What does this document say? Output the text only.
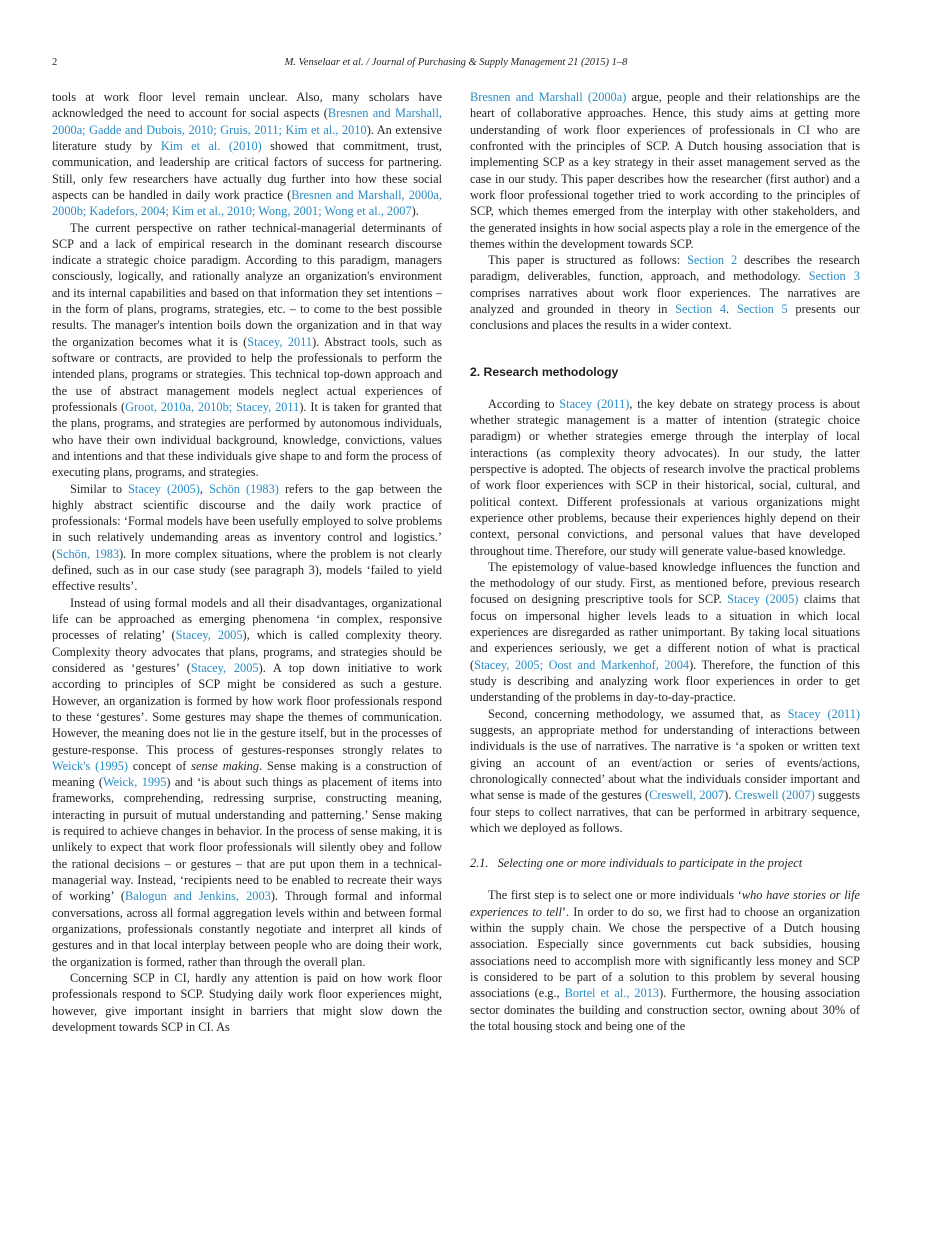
2	M. Venselaar et al. / Journal of Purchasing & Supply Management 21 (2015) 1–8

tools at work floor level remain unclear. Also, many scholars have acknowledged the need to account for social aspects (Bresnen and Marshall, 2000a; Gadde and Dubois, 2010; Gruis, 2011; Kim et al., 2010). An extensive literature study by Kim et al. (2010) showed that commitment, trust, communication, and leadership are critical factors of success for partnering. Still, only few researchers have actually dug further into how these social aspects can be handled in daily work practice (Bresnen and Marshall, 2000a, 2000b; Kadefors, 2004; Kim et al., 2010; Wong, 2001; Wong et al., 2007).

The current perspective on rather technical-managerial determinants of SCP and a lack of empirical research in the dominant research discourse indicate a strategic choice paradigm. According to this paradigm, managers consciously, logically, and rationally analyze an organization's environment and its internal capabilities and based on that information they set intentions – in the form of plans, programs, strategies, etc. – to come to the best possible results. The manager's intention boils down the organization and in that way the organization becomes what it is (Stacey, 2011). Abstract tools, such as software or contracts, are provided to help the professionals to perform the intended plans, programs or strategies. This technical top-down approach and the use of abstract management models neglect actual experiences of professionals (Groot, 2010a, 2010b; Stacey, 2011). It is taken for granted that the plans, programs, and strategies are performed by autonomous individuals, who have their own individual background, knowledge, convictions, values and intentions and that these individuals give shape to and form the process of executing plans, programs, and strategies.

Similar to Stacey (2005), Schön (1983) refers to the gap between the highly abstract scientific discourse and the daily work practice of professionals: ‘Formal models have been usefully employed to solve problems in such relatively undemanding areas as inventory control and logistics.’ (Schön, 1983). In more complex situations, where the problem is not clearly defined, such as in our case study (see paragraph 3), models ‘failed to yield effective results’.

Instead of using formal models and all their disadvantages, organizational life can be approached as emerging phenomena ‘in complex, responsive processes of relating’ (Stacey, 2005), which is called complexity theory. Complexity theory advocates that plans, programs, and strategies should be considered as ‘gestures’ (Stacey, 2005). A top down initiative to work according to principles of SCP might be considered as such a gesture. However, an organization is formed by how work floor professionals respond to these ‘gestures’. Some gestures may shape the themes of communication. However, the meaning does not lie in the gesture itself, but in the processes of gesture-response. This process of gestures-responses strongly relates to Weick's (1995) concept of sense making. Sense making is a construction of meaning (Weick, 1995) and ‘is about such things as placement of items into frameworks, comprehending, redressing surprise, constructing meaning, interacting in pursuit of mutual understanding and patterning.’ Sense making is required to achieve changes in behavior. In the process of sense making, it is unlikely to expect that work floor professionals will silently obey and follow the rational decisions – or gestures – that are put upon them in a technical-managerial way. Instead, ‘recipients need to be enabled to recreate their ways of working’ (Balogun and Jenkins, 2003). Through formal and informal conversations, across all formal aggregation levels within and between formal organizations, professionals constantly negotiate and interpret all kinds of gestures and in that local interplay between people who are doing their work, the organization is formed, rather than through the overall plan.

Concerning SCP in CI, hardly any attention is paid on how work floor professionals respond to SCP. Studying daily work floor experiences might, however, give important insight in barriers that might slow down the development towards SCP in CI. As

Bresnen and Marshall (2000a) argue, people and their relationships are the heart of collaborative approaches. Hence, this study aims at getting more understanding of work floor experiences of professionals in CI who are confronted with the principles of SCP. A Dutch housing association that is implementing SCP as a key strategy in their asset management served as the case in our study. This paper describes how the researcher (first author) and a work floor professional together tried to work according to the principles of SCP, which themes emerged from the interplay with other stakeholders, and the generated insights in how social aspects play a role in the emergence of the themes within the development towards SCP.

This paper is structured as follows: Section 2 describes the research paradigm, deliverables, function, approach, and methodology. Section 3 comprises narratives about work floor experiences. The narratives are analyzed and grounded in theory in Section 4. Section 5 presents our conclusions and places the results in a wider context.

2. Research methodology

According to Stacey (2011), the key debate on strategy process is about whether strategic management is a matter of intention (strategic choice paradigm) or whether strategies emerge through the interplay of local interactions (as complexity theory advocates). In our study, the latter perspective is adopted. The objects of research involve the practical problems of work floor experiences with SCP in their historical, social, cultural, and political context. Different professionals at various organizations might experience other problems, because their experiences highly depend on their context, personal convictions, and personal values that have developed throughout time. Therefore, our study will generate value-based knowledge.

The epistemology of value-based knowledge influences the function and the methodology of our study. First, as mentioned before, previous research focused on designing prescriptive tools for SCP. Stacey (2005) claims that focus on impersonal higher levels leads to a situation in which local experiences are disregarded as rather unimportant. By taking local situations and experiences seriously, we get a different notion of what is practical (Stacey, 2005; Oost and Markenhof, 2004). Therefore, the function of this study is describing and analyzing work floor experiences in order to get understanding of the problems in day-to-day-practice.

Second, concerning methodology, we assumed that, as Stacey (2011) suggests, an appropriate method for understanding of interactions between individuals is the use of narratives. The narrative is ‘a spoken or written text giving an account of an event/action or series of events/actions, chronologically connected’ about what the individuals consider important and what sense is made of the gestures (Creswell, 2007). Creswell (2007) suggests four steps to collect narratives, that can be performed in arbitrary sequence, which we deployed as follows.

2.1. Selecting one or more individuals to participate in the project

The first step is to select one or more individuals ‘who have stories or life experiences to tell’. In order to do so, we first had to choose an organization within the supply chain. We chose the perspective of a Dutch housing association. Especially since governments cut back subsidies, housing associations need to accomplish more with significantly less money and SCP is considered to be part of a solution to this problem by several housing associations (e.g., Bortel et al., 2013). Furthermore, the housing association sector dominates the building and construction sector, owning about 30% of the total housing stock and being one of the
